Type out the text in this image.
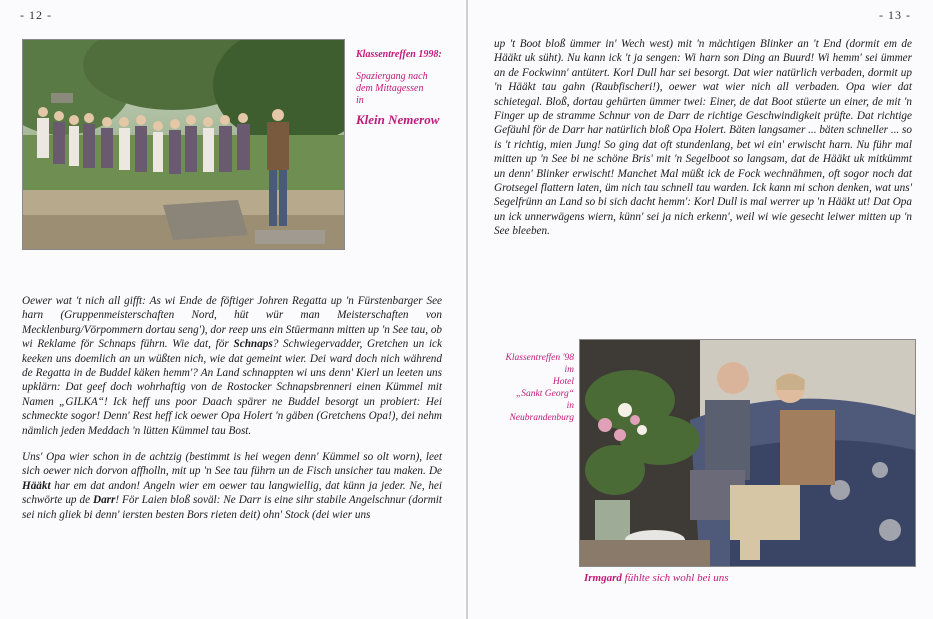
- 12 -
Klassentreffen 1998:
Spaziergang nach dem Mittagessen in
Klein Nemerow

Oewer wat 't nich all gifft: As wi Ende de föftiger Johren Regatta up 'n Fürstenbarger See harn (Gruppenmeisterschaften Nord, hüt wür man Meisterschaften von Mecklenburg/Vörpommern dortau seng'), dor reep uns ein Stüermann mitten up 'n See tau, ob wi Reklame för Schnaps führn. Wie dat, för Schnaps? Schwiegervadder, Gretchen un ick keeken uns doemlich an un wüßten nich, wie dat gemeint wier. Dei ward doch nich während de Regatta in de Buddel käken hemm'? An Land schnappten wi uns denn' Kierl un leeten uns upklärn: Dat geef doch wohrhaftig von de Rostocker Schnapsbrenneri einen Kümmel mit Namen „GILKA“! Ick heff uns poor Daach spärer ne Buddel besorgt un probiert: Hei schmeckte sogor! Denn' Rest heff ick oewer Opa Holert 'n gäben (Gretchens Opa!), dei nehm nämlich jeden Meddach 'n lütten Kümmel tau Bost.

Uns' Opa wier schon in de achtzig (bestimmt is hei wegen denn' Kümmel so olt worn), leet sich oewer nich dorvon affholln, mit up 'n See tau führn un de Fisch unsicher tau maken. De Hääkt har em dat andon! Angeln wier em oewer tau langwiellig, dat künn ja jeder. Ne, hei schwörte up de Darr! För Laien bloß soväl: Ne Darr is eine sihr stabile Angelschnur (dormit sei nich gliek bi denn' iersten besten Bors rieten deit) ohn' Stock (dei wier uns

- 13 -

up 't Boot bloß ümmer in' Wech west) mit 'n mächtigen Blinker an 't End (dormit em de Hääkt uk süht). Nu kann ick 't ja sengen: Wi harn son Ding an Buurd! Wi hemm' sei ümmer an de Fockwinn' antütert. Korl Dull har sei besorgt. Dat wier natürlich verbaden, dormit up 'n Hääkt tau gahn (Raubfischeri!), oewer wat wier nich all verbaden. Opa wier dat schietegal. Bloß, dortau gehürten ümmer twei: Einer, de dat Boot stüerte un einer, de mit 'n Finger up de stramme Schnur von de Darr de richtige Geschwindigkeit prüfte. Dat richtige Gefäuhl för de Darr har natürlich bloß Opa Holert. Bäten langsamer ... bäten schneller ... so is 't richtig, mien Jung! So ging dat oft stundenlang, bet wi ein' erwischt harn. Nu führ mal mitten up 'n See bi ne schöne Bris' mit 'n Segelboot so langsam, dat de Hääkt uk mitkümmt un denn' Blinker erwischt! Manchet Mal müßt ick de Fock wechnähmen, oft sogor noch dat Grotsegel flattern laten, üm nich tau schnell tau warden. Ick kann mi schon denken, wat uns' Segelfrünn an Land so bi sich dacht hemm': Korl Dull is mal werrer up 'n Hääkt ut! Dat Opa un ick unnerwägens wiern, künn' sei ja nich erkenn', weil wi wie gesecht leiwer mitten up 'n See bleeben.

Klassentreffen '98
im
Hotel
„Sankt Georg“
in
Neubrandenburg
Irmgard fühlte sich wohl bei uns
